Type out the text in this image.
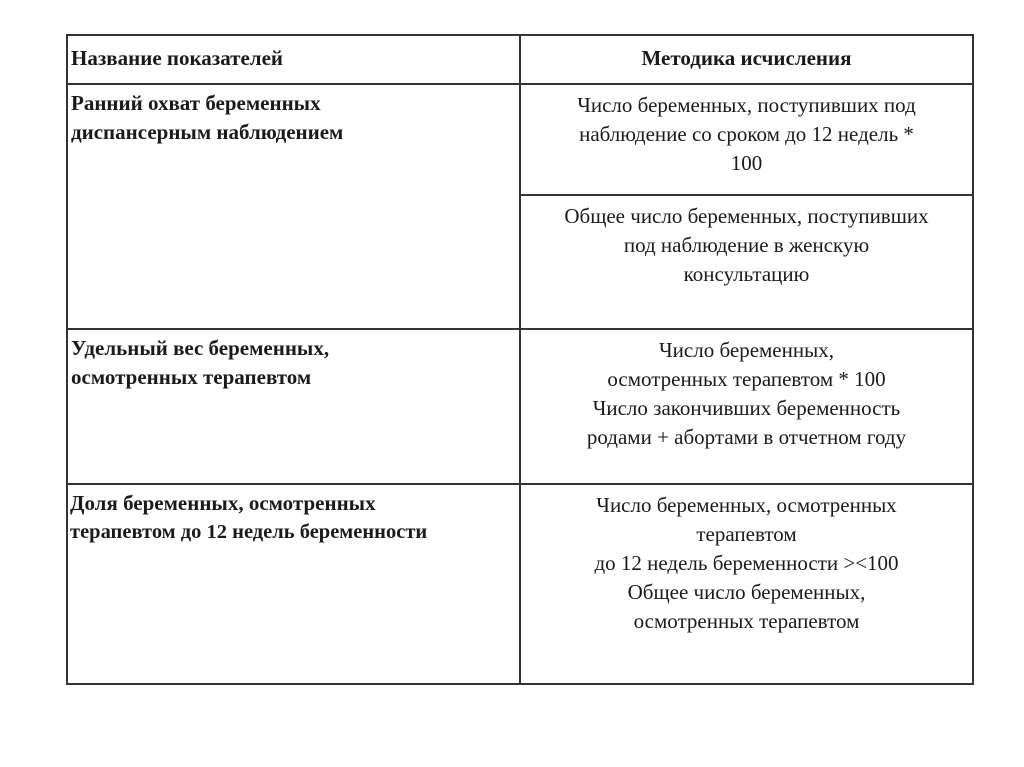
Название показателей	Методика исчисления
Ранний охват беременных
диспансерным наблюдением
Число беременных, поступивших под
наблюдение со сроком до 12 недель *
100
Общее число беременных, поступивших
под наблюдение в женскую
консультацию
Удельный вес беременных,
осмотренных терапевтом
Число беременных,
осмотренных терапевтом * 100
Число закончивших беременность
родами + абортами в отчетном году
Доля беременных, осмотренных
терапевтом до 12 недель беременности
Число беременных, осмотренных
терапевтом
до 12 недель беременности ><100
Общее число беременных,
осмотренных терапевтом
